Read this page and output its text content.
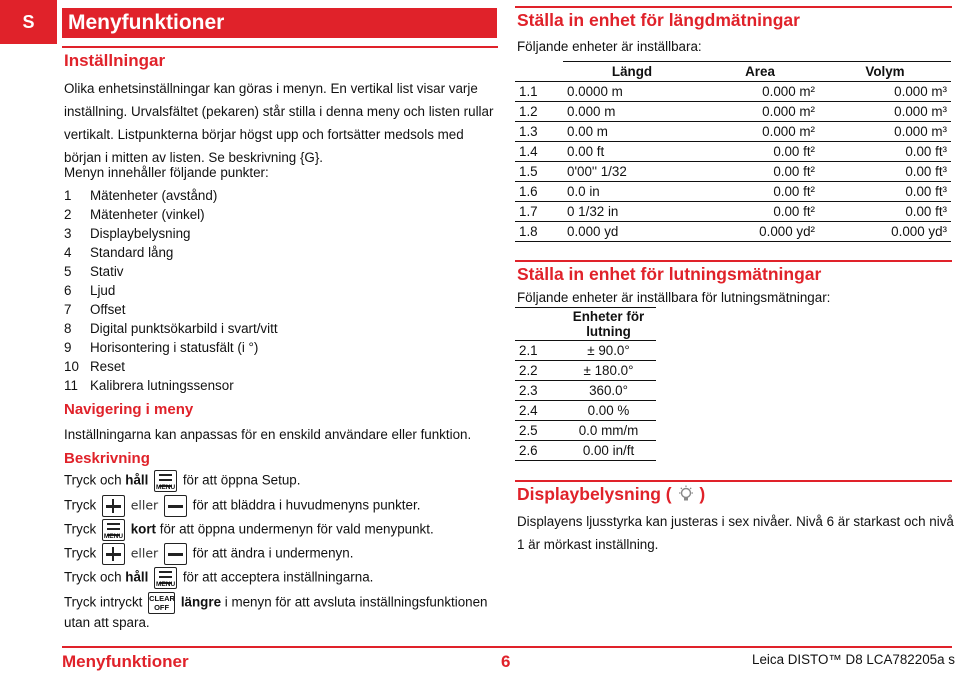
S	Menyfunktioner
Inställningar
Olika enhetsinställningar kan göras i menyn. En vertikal list visar varje
inställning. Urvalsfältet (pekaren) står stilla i denna meny och listen rullar
vertikalt. Listpunkterna börjar högst upp och fortsätter medsols med
början i mitten av listen. Se beskrivning {G}.
Menyn innehåller följande punkter:
1 Mätenheter (avstånd)
2 Mätenheter (vinkel)
3 Displaybelysning
4 Standard lång
5 Stativ
6 Ljud
7 Offset
8 Digital punktsökarbild i svart/vitt
9 Horisontering i statusfält (i °)
10 Reset
11 Kalibrera lutningssensor
Navigering i meny
Inställningarna kan anpassas för en enskild användare eller funktion.
Beskrivning
Tryck och håll MENU för att öppna Setup.
Tryck	eller	för att bläddra i huvudmenyns punkter.
Tryck MENU kort för att öppna undermenyn för vald menypunkt.
Tryck	eller	för att ändra i undermenyn.
Tryck och håll MENU för att acceptera inställningarna.
Tryck intryckt CLEAR
OFF längre i menyn för att avsluta inställningsfunktionen
utan att spara.
Ställa in enhet för längdmätningar
Följande enheter är inställbara:
	Längd	Area	Volym
1.1	0.0000 m	0.000 m²	0.000 m³
1.2	0.000 m	0.000 m²	0.000 m³
1.3	0.00 m	0.000 m²	0.000 m³
1.4	0.00 ft	0.00 ft²	0.00 ft³
1.5	0'00'' 1/32	0.00 ft²	0.00 ft³
1.6	0.0 in	0.00 ft²	0.00 ft³
1.7	0 1/32 in	0.00 ft²	0.00 ft³
1.8	0.000 yd	0.000 yd²	0.000 yd³
Ställa in enhet för lutningsmätningar
Följande enheter är inställbara för lutningsmätningar:
	Enheter för
lutning
2.1	± 90.0°
2.2	± 180.0°
2.3	360.0°
2.4	0.00 %
2.5	0.0 mm/m
2.6	0.00 in/ft
Displaybelysning ( )
Displayens ljusstyrka kan justeras i sex nivåer. Nivå 6 är starkast och nivå
1 är mörkast inställning.
Menyfunktioner	6	Leica DISTO™ D8 LCA782205a s
